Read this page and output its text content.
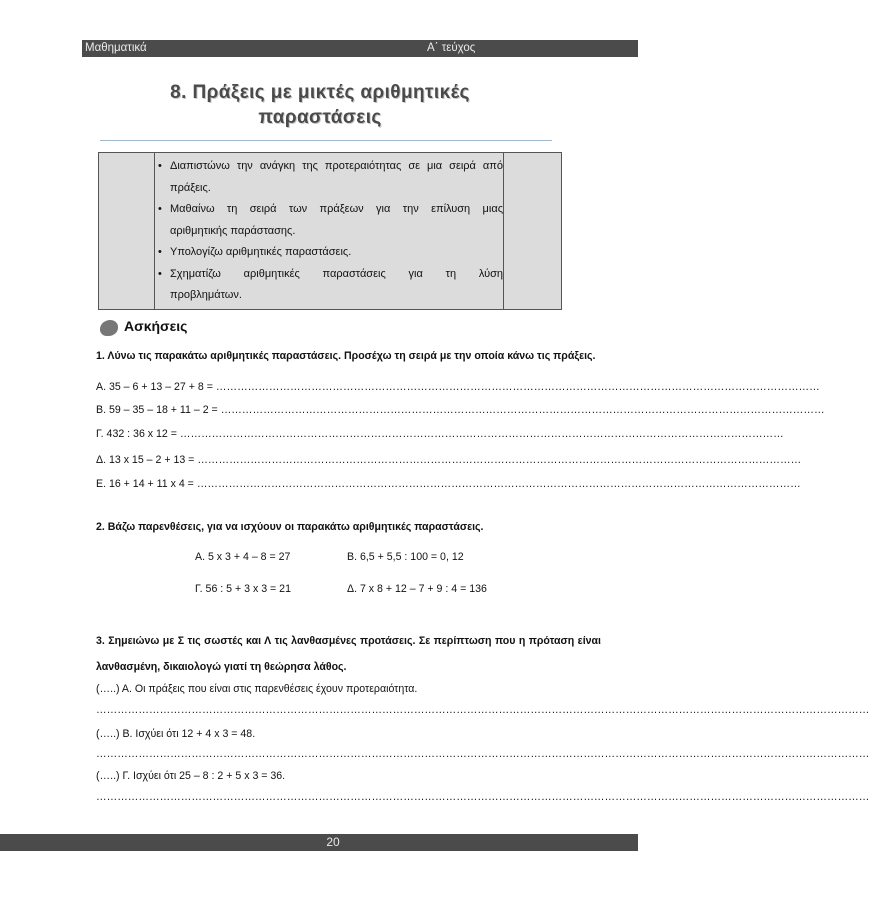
Μαθηματικά	Α΄ τεύχος
8. Πράξεις με μικτές αριθμητικές
παραστάσεις
• Διαπιστώνω την ανάγκη της προτεραιότητας σε μια σειρά από
πράξεις.
• Μαθαίνω τη σειρά των πράξεων για την επίλυση μιας
αριθμητικής παράστασης.
• Υπολογίζω αριθμητικές παραστάσεις.
• Σχηματίζω αριθμητικές παραστάσεις για τη λύση
προβλημάτων.
Ασκήσεις
1. Λύνω τις παρακάτω αριθμητικές παραστάσεις. Προσέχω τη σειρά με την οποία κάνω τις πράξεις.
Α. 35 – 6 + 13 – 27 + 8 = ………………………………………………………………………………………………………………………………………………………
Β. 59 – 35 – 18 + 11 – 2 = ………………………………………………………………………………………………………………………………………………………
Γ. 432 : 36 x 12 = ………………………………………………………………………………………………………………………………………………………
Δ. 13 x 15 – 2 + 13 = ………………………………………………………………………………………………………………………………………………………
Ε. 16 + 14 + 11 x 4 = ………………………………………………………………………………………………………………………………………………………
2. Βάζω παρενθέσεις, για να ισχύουν οι παρακάτω αριθμητικές παραστάσεις.
Α. 5 x 3 + 4 – 8 = 27	Β. 6,5 + 5,5 : 100 = 0, 12
Γ. 56 : 5 + 3 x 3 = 21	Δ. 7 x 8 + 12 – 7 + 9 : 4 = 136
3. Σημειώνω με Σ τις σωστές και Λ τις λανθασμένες προτάσεις. Σε περίπτωση που η πρόταση είναι
λανθασμένη, δικαιολογώ γιατί τη θεώρησα λάθος.
(…..) Α. Οι πράξεις που είναι στις παρενθέσεις έχουν προτεραιότητα.
…………………………………………………………………………………………………………………………………………………………………………………………………
(…..) Β. Ισχύει ότι 12 + 4 x 3 = 48.
…………………………………………………………………………………………………………………………………………………………………………………………………
(…..) Γ. Ισχύει ότι 25 – 8 : 2 + 5 x 3 = 36.
…………………………………………………………………………………………………………………………………………………………………………………………………
20
